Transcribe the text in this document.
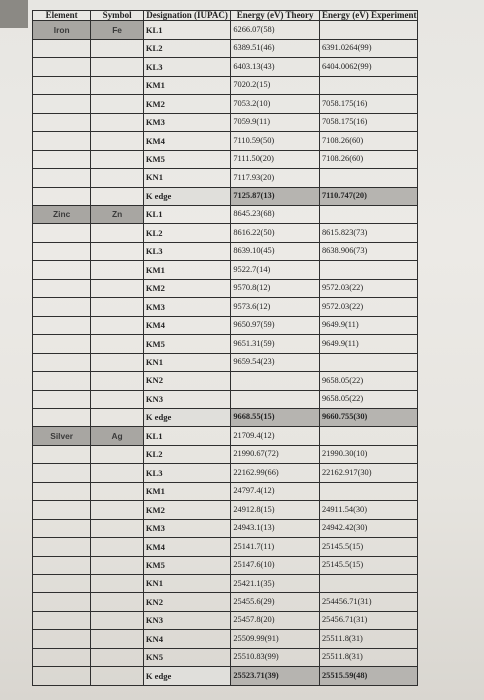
Element	Symbol	Designation (IUPAC)	Energy (eV) Theory	Energy (eV) Experiment
Iron	Fe	KL1	6266.07(58)	
		KL2	6389.51(46)	6391.0264(99)
		KL3	6403.13(43)	6404.0062(99)
		KM1	7020.2(15)	
		KM2	7053.2(10)	7058.175(16)
		KM3	7059.9(11)	7058.175(16)
		KM4	7110.59(50)	7108.26(60)
		KM5	7111.50(20)	7108.26(60)
		KN1	7117.93(20)	
		K edge	7125.87(13)	7110.747(20)
Zinc	Zn	KL1	8645.23(68)	
		KL2	8616.22(50)	8615.823(73)
		KL3	8639.10(45)	8638.906(73)
		KM1	9522.7(14)	
		KM2	9570.8(12)	9572.03(22)
		KM3	9573.6(12)	9572.03(22)
		KM4	9650.97(59)	9649.9(11)
		KM5	9651.31(59)	9649.9(11)
		KN1	9659.54(23)	
		KN2		9658.05(22)
		KN3		9658.05(22)
		K edge	9668.55(15)	9660.755(30)
Silver	Ag	KL1	21709.4(12)	
		KL2	21990.67(72)	21990.30(10)
		KL3	22162.99(66)	22162.917(30)
		KM1	24797.4(12)	
		KM2	24912.8(15)	24911.54(30)
		KM3	24943.1(13)	24942.42(30)
		KM4	25141.7(11)	25145.5(15)
		KM5	25147.6(10)	25145.5(15)
		KN1	25421.1(35)	
		KN2	25455.6(29)	254456.71(31)
		KN3	25457.8(20)	25456.71(31)
		KN4	25509.99(91)	25511.8(31)
		KN5	25510.83(99)	25511.8(31)
		K edge	25523.71(39)	25515.59(48)
